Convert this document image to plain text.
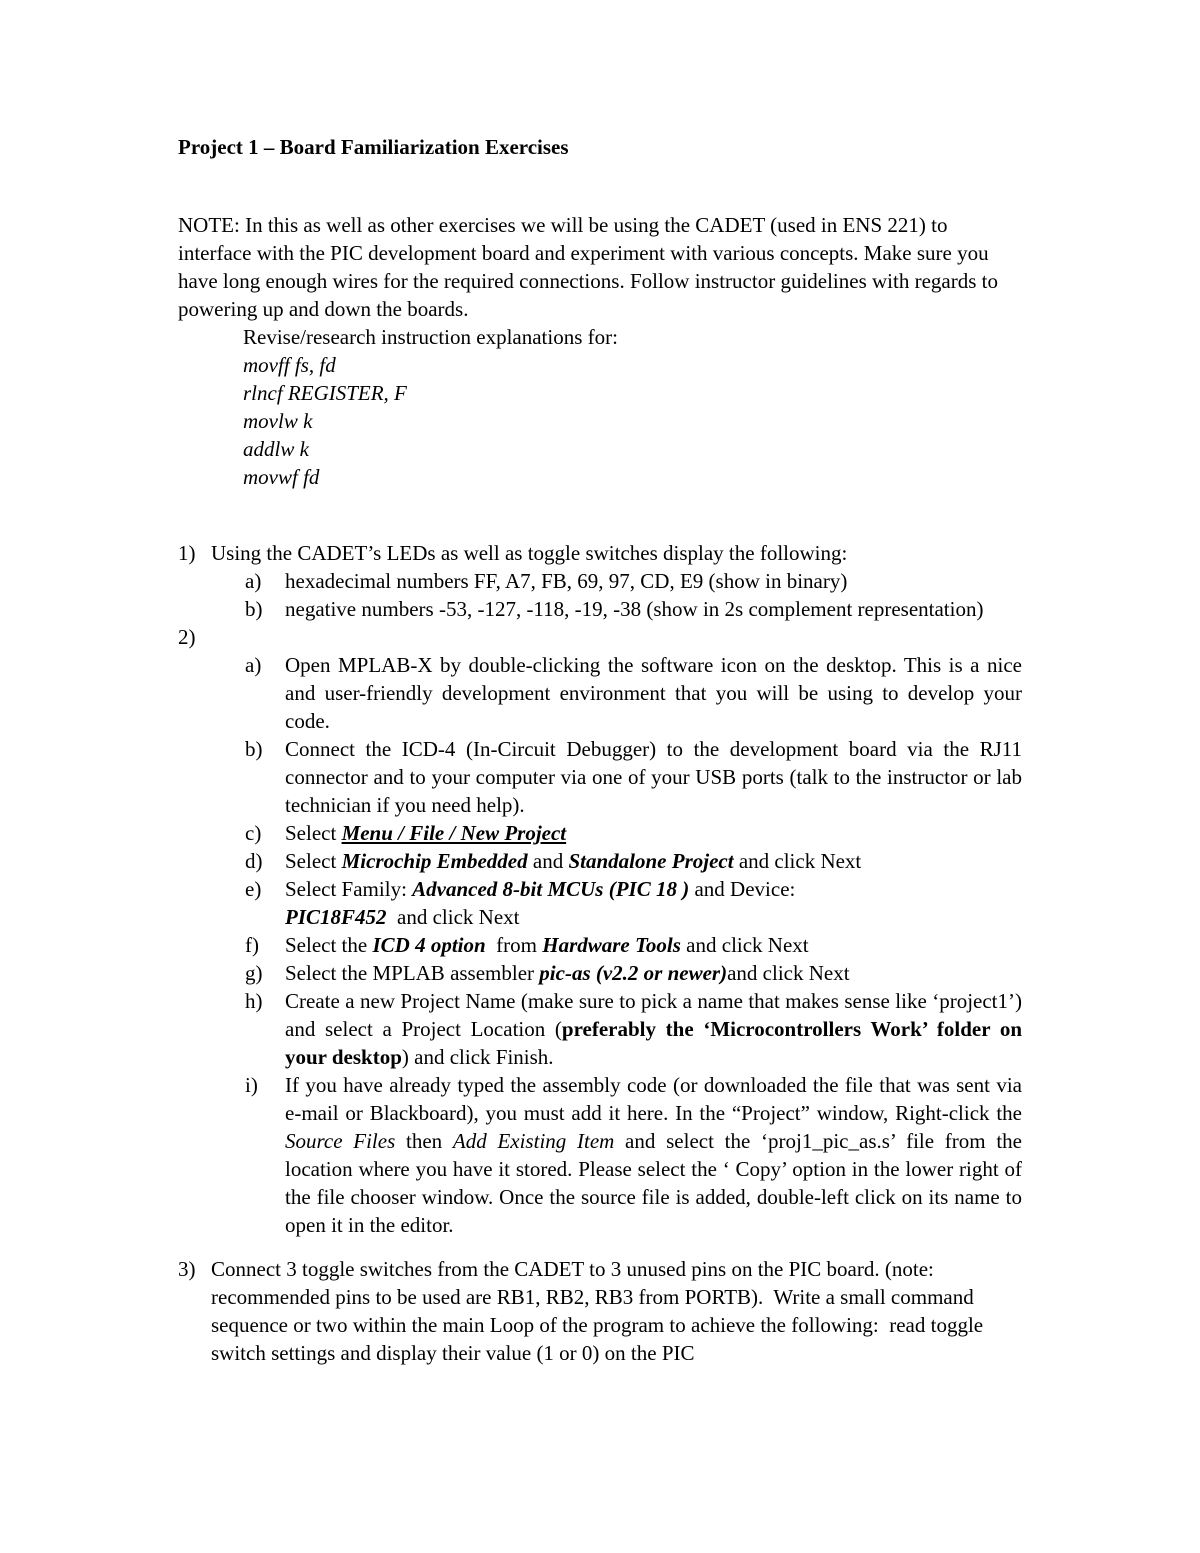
Project 1 – Board Familiarization Exercises

NOTE: In this as well as other exercises we will be using the CADET (used in ENS 221) to interface with the PIC development board and experiment with various concepts. Make sure you have long enough wires for the required connections. Follow instructor guidelines with regards to powering up and down the boards.

Revise/research instruction explanations for:

movff fs, fd

rlncf REGISTER, F

movlw k

addlw k

movwf fd

1) Using the CADET’s LEDs as well as toggle switches display the following:
a)	hexadecimal numbers FF, A7, FB, 69, 97, CD, E9 (show in binary)
b)	negative numbers -53, -127, -118, -19, -38 (show in 2s complement representation)
2)
a)	Open MPLAB-X by double-clicking the software icon on the desktop. This is a nice and user-friendly development environment that you will be using to develop your code.
b)	Connect the ICD-4 (In-Circuit Debugger) to the development board via the RJ11 connector and to your computer via one of your USB ports (talk to the instructor or lab technician if you need help).
c)	Select Menu / File / New Project
d)	Select Microchip Embedded and Standalone Project and click Next
e)	Select Family: Advanced 8-bit MCUs (PIC 18 ) and Device:
PIC18F452  and click Next
f)	Select the ICD 4 option  from Hardware Tools and click Next
g)	Select the MPLAB assembler pic-as (v2.2 or newer)and click Next
h)	Create a new Project Name (make sure to pick a name that makes sense like ‘project1’) and select a Project Location (preferably the ‘Microcontrollers Work’ folder on your desktop) and click Finish.
i)	If you have already typed the assembly code (or downloaded the file that was sent via e-mail or Blackboard), you must add it here. In the “Project” window, Right-click the Source Files then Add Existing Item and select the ‘proj1_pic_as.s’ file from the location where you have it stored. Please select the ‘ Copy’ option in the lower right of the file chooser window. Once the source file is added, double-left click on its name to open it in the editor.
3) Connect 3 toggle switches from the CADET to 3 unused pins on the PIC board. (note: recommended pins to be used are RB1, RB2, RB3 from PORTB).  Write a small command sequence or two within the main Loop of the program to achieve the following:  read toggle switch settings and display their value (1 or 0) on the PIC
